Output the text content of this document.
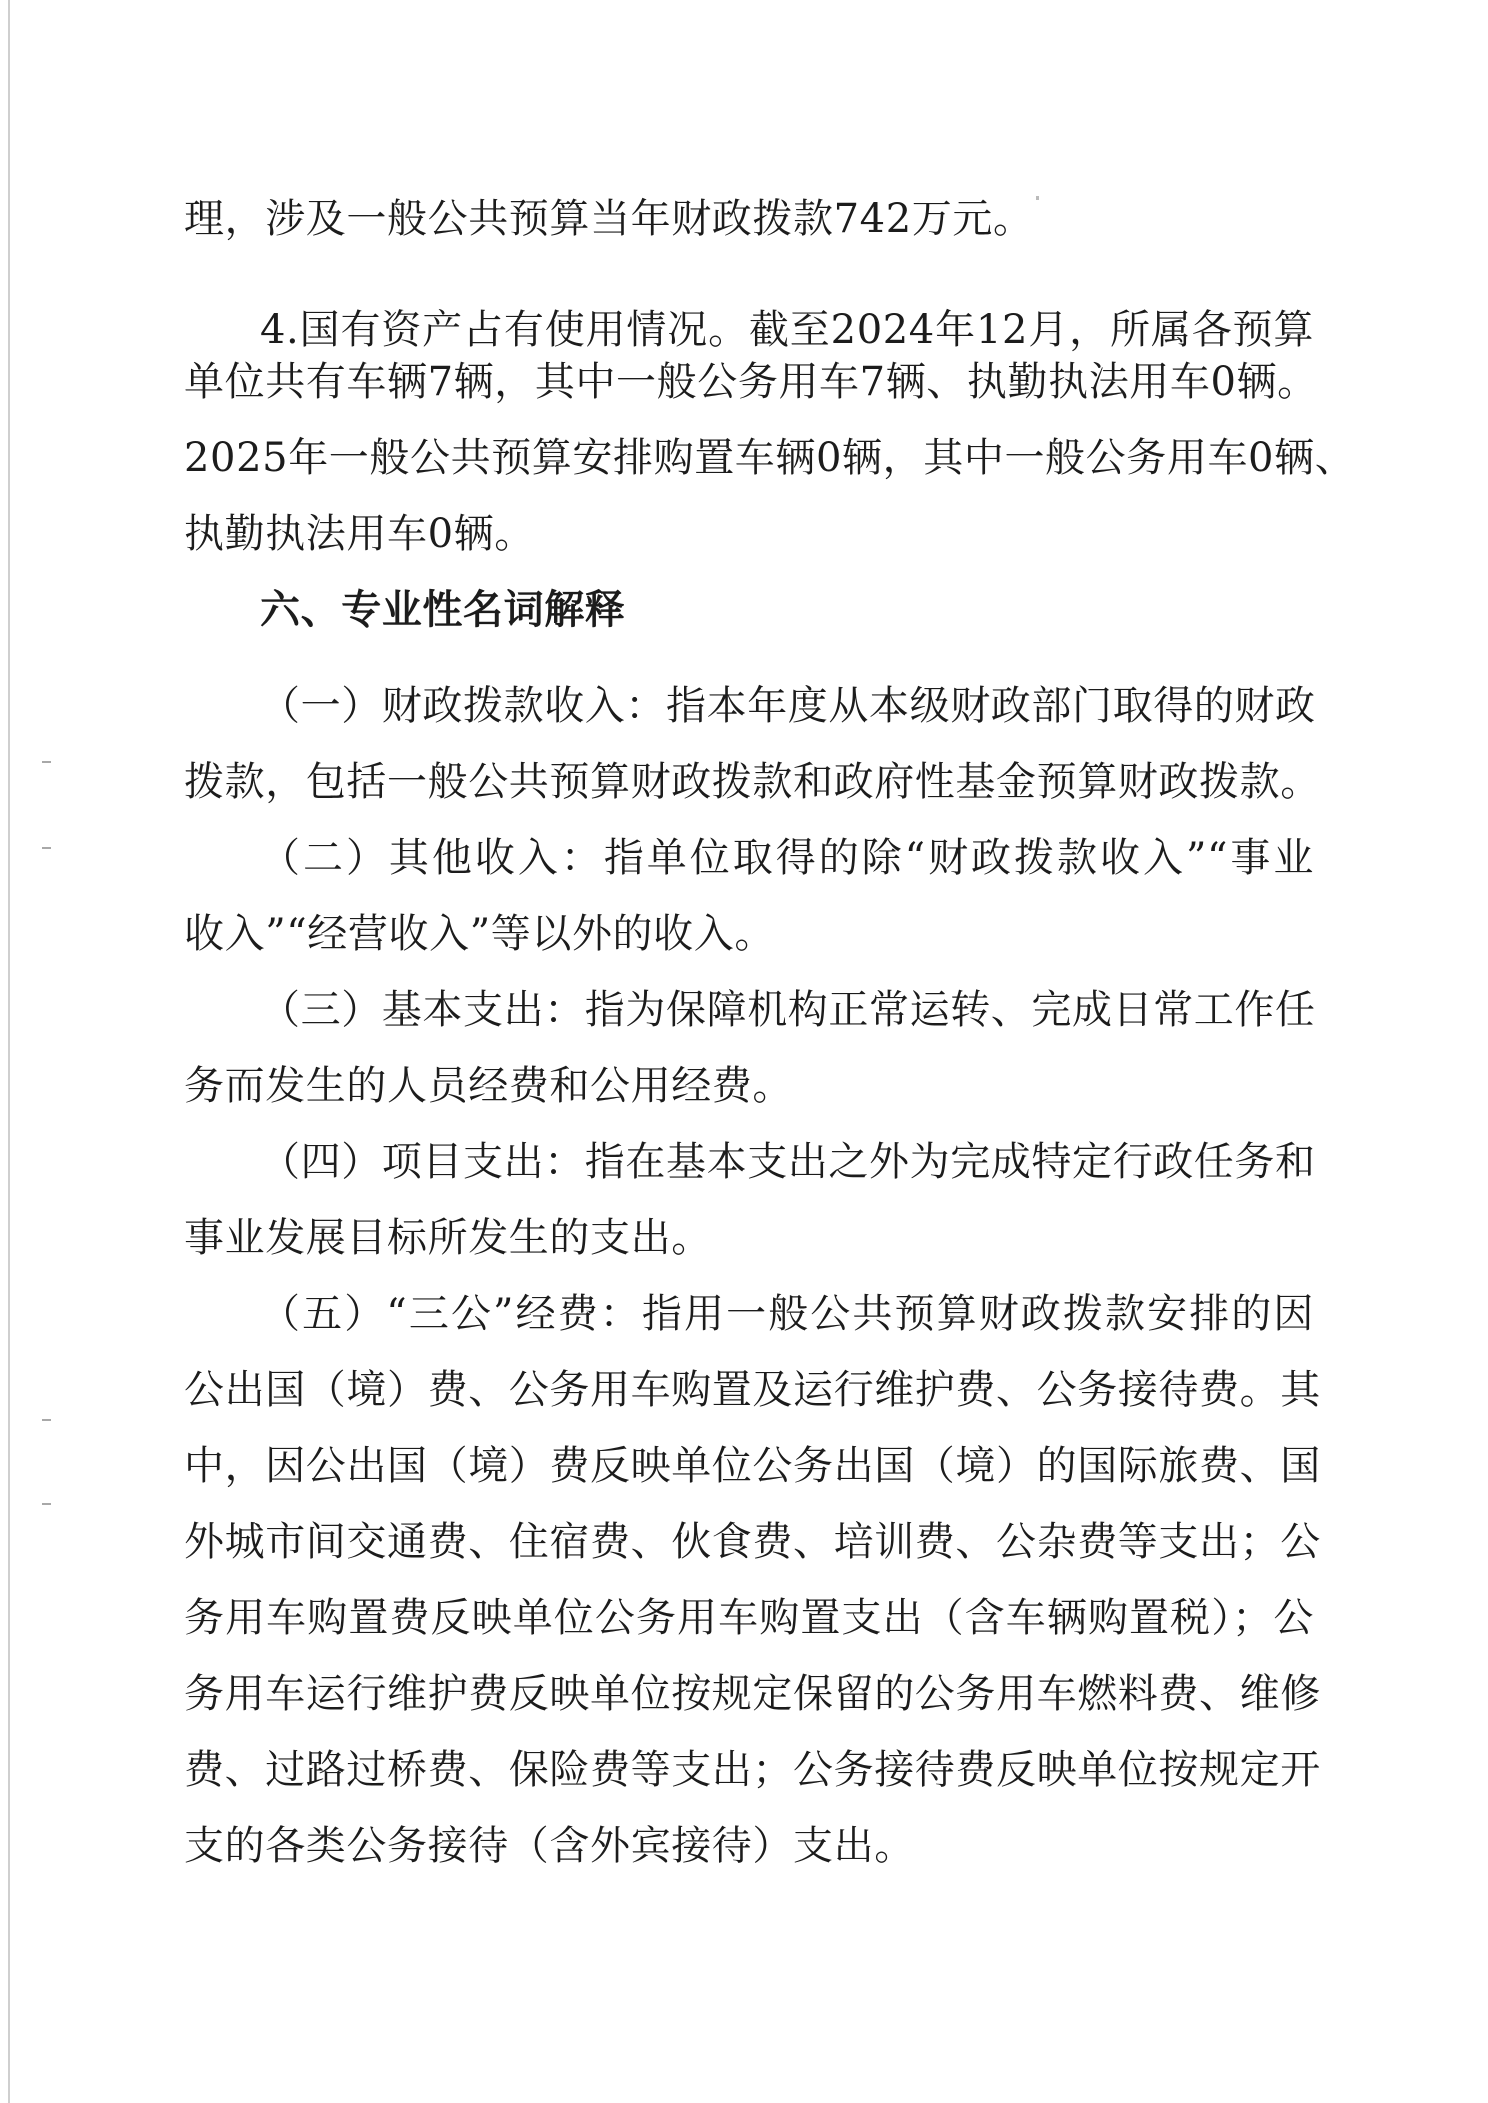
理，涉及一般公共预算当年财政拨款742万元。
4.国有资产占有使用情况。截至2024年12月，所属各预算
单位共有车辆7辆，其中一般公务用车7辆、执勤执法用车0辆。
2025年一般公共预算安排购置车辆0辆，其中一般公务用车0辆、
执勤执法用车0辆。
六、专业性名词解释
（一）财政拨款收入：指本年度从本级财政部门取得的财政
拨款，包括一般公共预算财政拨款和政府性基金预算财政拨款。
（二）其他收入：指单位取得的除“财政拨款收入”“事业
收入”“经营收入”等以外的收入。
（三）基本支出：指为保障机构正常运转、完成日常工作任
务而发生的人员经费和公用经费。
（四）项目支出：指在基本支出之外为完成特定行政任务和
事业发展目标所发生的支出。
（五）“三公”经费：指用一般公共预算财政拨款安排的因
公出国（境）费、公务用车购置及运行维护费、公务接待费。其
中，因公出国（境）费反映单位公务出国（境）的国际旅费、国
外城市间交通费、住宿费、伙食费、培训费、公杂费等支出；公
务用车购置费反映单位公务用车购置支出（含车辆购置税）；公
务用车运行维护费反映单位按规定保留的公务用车燃料费、维修
费、过路过桥费、保险费等支出；公务接待费反映单位按规定开
支的各类公务接待（含外宾接待）支出。
